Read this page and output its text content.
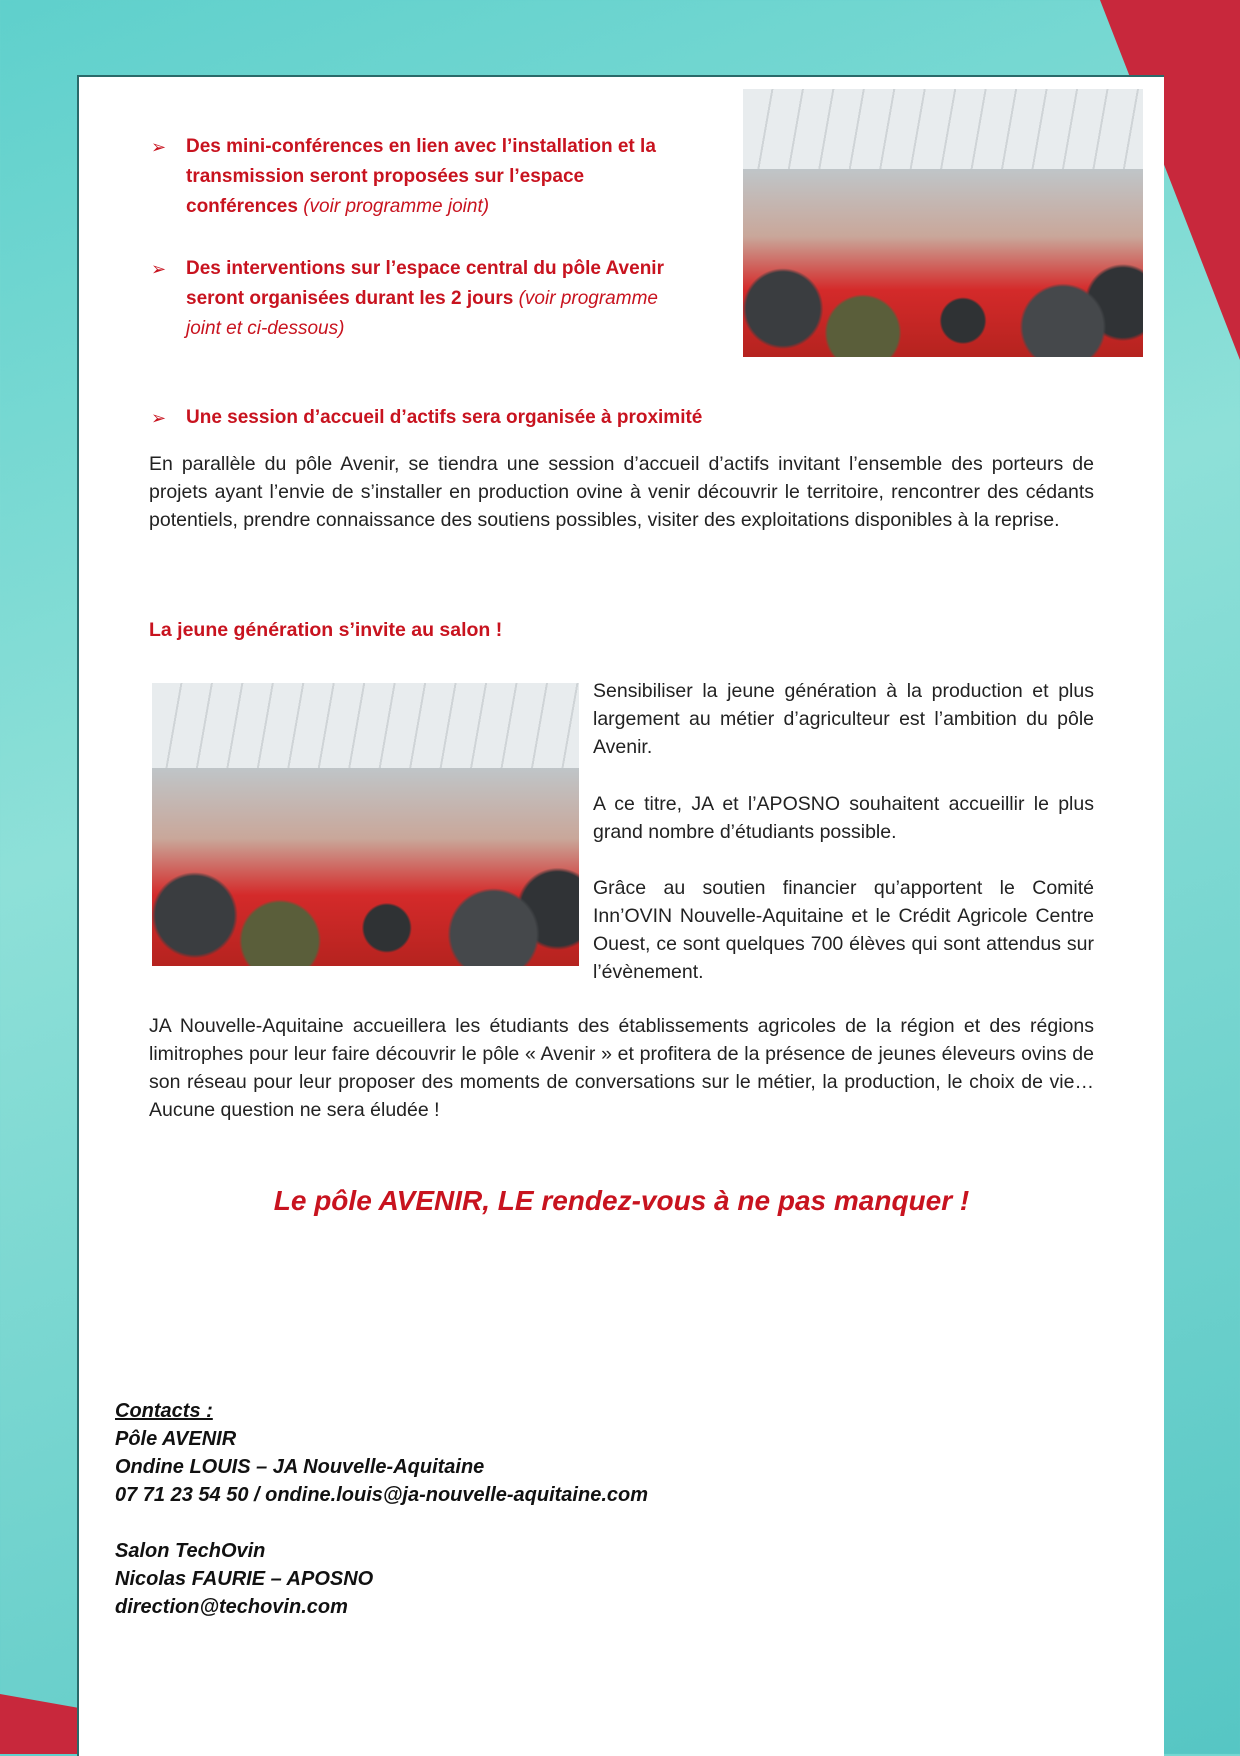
➢	Des mini-conférences en lien avec l’installation et la transmission seront proposées sur l’espace conférences (voir programme joint)
➢	Des interventions sur l’espace central du pôle Avenir seront organisées durant les 2 jours (voir programme joint et ci-dessous)
➢	Une session d’accueil d’actifs sera organisée à proximité
En parallèle du pôle Avenir, se tiendra une session d’accueil d’actifs invitant l’ensemble des porteurs de projets ayant l’envie de s’installer en production ovine à venir découvrir le territoire, rencontrer des cédants potentiels, prendre connaissance des soutiens possibles, visiter des exploitations disponibles à la reprise.
La jeune génération s’invite au salon !
Sensibiliser la jeune génération à la production et plus largement au métier d’agriculteur est l’ambition du pôle Avenir.
A ce titre, JA et l’APOSNO souhaitent accueillir le plus grand nombre d’étudiants possible.
Grâce au soutien financier qu’apportent le Comité Inn’OVIN Nouvelle-Aquitaine et le Crédit Agricole Centre Ouest, ce sont quelques 700 élèves qui sont attendus sur l’évènement.
JA Nouvelle-Aquitaine accueillera les étudiants des établissements agricoles de la région et des régions limitrophes pour leur faire découvrir le pôle « Avenir » et profitera de la présence de jeunes éleveurs ovins de son réseau pour leur proposer des moments de conversations sur le métier, la production, le choix de vie… Aucune question ne sera éludée !
Le pôle AVENIR, LE rendez-vous à ne pas manquer !
Contacts :
Pôle AVENIR
Ondine LOUIS – JA Nouvelle-Aquitaine
07 71 23 54 50 / ondine.louis@ja-nouvelle-aquitaine.com
Salon TechOvin
Nicolas FAURIE – APOSNO
direction@techovin.com
